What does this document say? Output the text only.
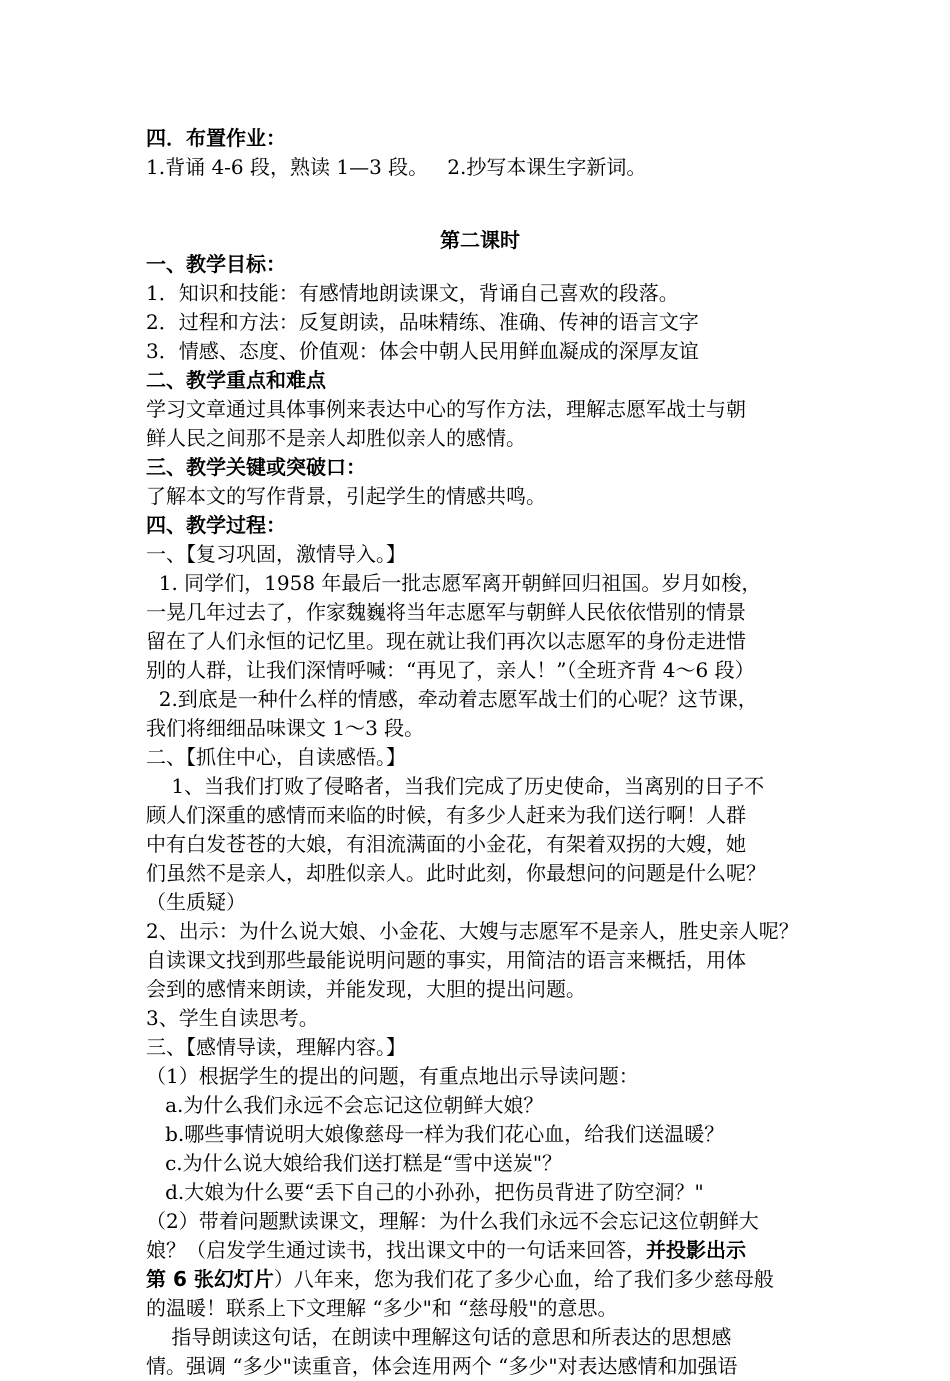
四．布置作业：
1.背诵 4-6 段，熟读 1—3 段。   2.抄写本课生字新词。
第二课时
一、教学目标：
1．知识和技能：有感情地朗读课文，背诵自己喜欢的段落。
2．过程和方法：反复朗读，品味精练、准确、传神的语言文字
3．情感、态度、价值观：体会中朝人民用鲜血凝成的深厚友谊
二、教学重点和难点
学习文章通过具体事例来表达中心的写作方法，理解志愿军战士与朝
鲜人民之间那不是亲人却胜似亲人的感情。
三、教学关键或突破口：
了解本文的写作背景，引起学生的情感共鸣。
四、教学过程：
一、【复习巩固，激情导入。】
1. 同学们，1958 年最后一批志愿军离开朝鲜回归祖国。岁月如梭，
一晃几年过去了，作家魏巍将当年志愿军与朝鲜人民依依惜别的情景
留在了人们永恒的记忆里。现在就让我们再次以志愿军的身份走进惜
别的人群，让我们深情呼喊：“再见了，亲人！”（全班齐背 4～6 段）
2.到底是一种什么样的情感，牵动着志愿军战士们的心呢？这节课，
我们将细细品味课文 1～3 段。
二、【抓住中心，自读感悟。】
1、当我们打败了侵略者，当我们完成了历史使命，当离别的日子不
顾人们深重的感情而来临的时候，有多少人赶来为我们送行啊！人群
中有白发苍苍的大娘，有泪流满面的小金花，有架着双拐的大嫂，她
们虽然不是亲人，却胜似亲人。此时此刻，你最想问的问题是什么呢？
（生质疑）
2、出示：为什么说大娘、小金花、大嫂与志愿军不是亲人，胜史亲人呢？
自读课文找到那些最能说明问题的事实，用简洁的语言来概括，用体
会到的感情来朗读，并能发现，大胆的提出问题。
3、学生自读思考。
三、【感情导读，理解内容。】
（1）根据学生的提出的问题，有重点地出示导读问题：
a.为什么我们永远不会忘记这位朝鲜大娘？
b.哪些事情说明大娘像慈母一样为我们花心血，给我们送温暖？
c.为什么说大娘给我们送打糕是“雪中送炭"？
d.大娘为什么要“丢下自己的小孙孙，把伤员背进了防空洞？"
（2）带着问题默读课文，理解：为什么我们永远不会忘记这位朝鲜大
娘？（启发学生通过读书，找出课文中的一句话来回答，并投影出示
第 6 张幻灯片）八年来，您为我们花了多少心血，给了我们多少慈母般
的温暖！联系上下文理解 “多少"和 “慈母般"的意思。
指导朗读这句话，在朗读中理解这句话的意思和所表达的思想感
情。强调 “多少"读重音，体会连用两个 “多少"对表达感情和加强语
